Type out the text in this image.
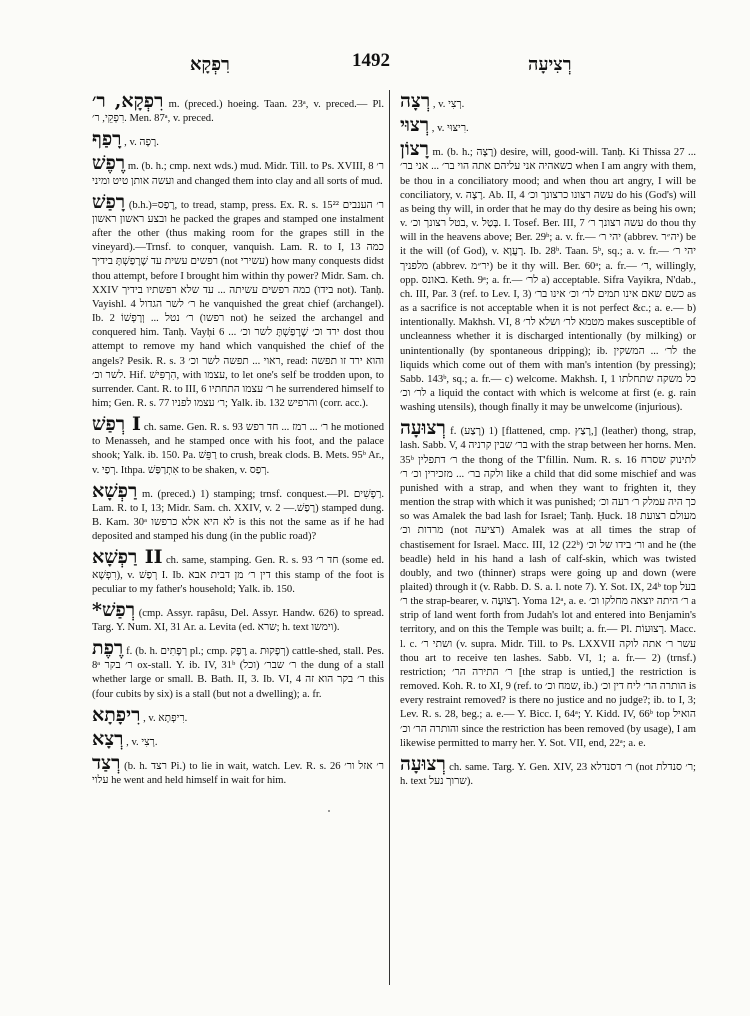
רִפְקָא	1492	רְצִיעָה

רִפְקָא, ר׳ m. (preced.) hoeing. Taan. 23ᵃ, v. preced.— Pl. רִפְקֵי, ר׳. Men. 87ᵃ, v. preced.

רָפַף , v. רָפָה.

רֶפֶשׁ m. (b. h.; cmp. next wds.) mud. Midr. Till. to Ps. XVIII, 8 ר׳ ועשה אותן טיט ומיני and changed them into clay and all sorts of mud.

רָפַשׁ (b.h.)=רָפַס, to tread, stamp, press. Ex. R. s. 15²² ר׳ הענבים ובצע ראשון ראשון he packed the grapes and stamped one instalment after the other (thus making room for the grapes still in the vineyard).—Trnsf. to conquer, vanquish. Lam. R. to I, 13 כמה רפשים עשית עד שֶׁרָפַשְׁתָּ בידיך (not עשירי) how many conquests didst thou attempt, before I brought him within thy power? Midr. Sam. ch. XXIV כמה רפשים עשיתה ... עד שלא רפשתיו בידיך (בידו not). Tanḥ. Vayishl. 4 ר׳ לשר הגדול he vanquished the great chief (archangel). Ib. 2 ר׳ נטל ... וְרָפְשׁוֹ (רפשו not) he seized the archangel and conquered him. Tanḥ. Vayḥi 6 ... ירד וכ׳ שֶׁרָפַשְׁתָּ לשר וכ׳ dost thou attempt to remove my hand which vanquished the chief of the angels? Pesik. R. s. 3 ראוי ... תפשה לשר וכ׳, read: והוא ירד זו תפשה לשר וכ׳. Hif. הִרְפִּישׁ, with עצמו, to let one's self be trodden upon, to surrender. Cant. R. to III, 6 ר׳ עצמו התחתיו he surrendered himself to him; Gen. R. s. 77 ר׳ עצמו לפניו; Yalk. ib. 132 והרפיש (corr. acc.).

רְפַשׁ I ch. same. Gen. R. s. 93 ר׳ ... רמז ... חד רפש he motioned to Menasseh, and he stamped once with his foot, and the palace shook; Yalk. ib. 150. Pa. רַפֵּשׁ to crush, break clods. B. Mets. 95ᵇ Ar., v. רְפַי. Ithpa. אִתְרַפַּשׁ to be shaken, v. רְפַס.

רַפְשָׁא m. (preced.) 1) stamping; trnsf. conquest.—Pl. רַפְשִׁים. Lam. R. to I, 13; Midr. Sam. ch. XXIV, v. רָפַשׁ.— 2) stamped dung. B. Kam. 30ᵃ לא היא אלא כרפשו is this not the same as if he had deposited and stamped his dung (in the public road)?

רַפְשָׁא II ch. same, stamping. Gen. R. s. 93 חד ר׳ (some ed. רִפְשָׁא), v. רְפַשׁ I. Ib. דין ר׳ מן דבית אבא this stamp of the foot is peculiar to my father's household; Yalk. ib. 150.

*רְפַשׁ (cmp. Assyr. rapâsu, Del. Assyr. Handw. 626) to spread. Targ. Y. Num. XI, 31 Ar. a. Levita (ed. שרא; h. text וימשו).

רֶפֶת f. (b. h. רְפָתִים pl.; cmp. רֶפֶק a. רְפָקוּת) cattle-shed, stall. Pes. 8ᵃ ר׳ בקר ox-stall. Y. ib. IV, 31ᵇ ר׳ שבר׳ (וכל) the dung of a stall whether large or small. B. Bath. II, 3. Ib. VI, 4 ר׳ בקר הוא זה this (four cubits by six) is a stall (but not a dwelling); a. fr.

רִיפָתָא , v. רִיפְתָא.

רְצָא , v. רְצִי.

רְצַד (b. h. רצד Pi.) to lie in wait, watch. Lev. R. s. 26 ר׳ אזל ור׳ עלוי he went and held himself in wait for him.

רְצָה , v. רְצִי.

רְצוּי , v. רִיצּוּי.

רָצוֹן m. (b. h.; רָצָה) desire, will, good-will. Tanḥ. Ki Thissa 27 ... כשאהיה אני עליהם אתה הוי בר׳ ... אני בר׳ when I am angry with them, be thou in a conciliatory mood; and when thou art angry, I will be conciliatory, v. רָצָה. Ab. II, 4 עשה רצונו כרצונך וכ׳ do his (God's) will as being thy will, in order that he may do thy desire as being his own; v. בטל רצונך וכ׳, v. בָּטַל. I. Tosef. Ber. III, 7 עשה רצונך ר׳ do thou thy will in the heavens above; Ber. 29ᵇ; a. v. fr.— יהי ר׳ (abbrev. יה״ר) be it the will (of God), v. רָעֲוָא. Ib. 28ᵇ. Taan. 5ᵇ, sq.; a. v. fr.— יהי ר׳ מלפניך (abbrev. יר״מ) be it thy will. Ber. 60ᵃ; a. fr.— ר׳, willingly, opp. באונס. Keth. 9ᵃ; a. fr.— לר׳ a) acceptable. Sifra Vayikra, N'dab., ch. III, Par. 3 (ref. to Lev. I, 3) כשם שאם אינו תמים לר׳ וכ׳ אינו בר׳ as as a sacrifice is not acceptable when it is not perfect &c.; a. e.— b) intentionally. Makhsh. VI, 8 מטמא לר׳ ושלא לר׳ makes susceptible of uncleanness whether it is discharged intentionally (by milking) or unintentionally (by spontaneous dripping); ib. לר׳ ... המשקין the liquids which come out of them with man's intention (by pressing); Sabb. 143ᵇ, sq.; a. fr.— c) welcome. Makhsh. I, 1 כל משקה שתחלתו לר׳ וכ׳ a liquid the contact with which is welcome at first (e. g. rain washing utensils), though finally it may be unwelcome (injurious).

רְצוּעָה f. (רָצַע) 1) [flattened, cmp. רָצַץ,] (leather) thong, strap, lash. Sabb. V, 4 בר׳ שבין קרניה with the strap between her horns. Men. 35ᵇ ר׳ דתפלין the thong of the T'fillin. Num. R. s. 16 לתינוק שסרח ולקה בר׳ ... מזכירין וכ׳ ר׳ like a child that did some mischief and was punished with a strap, and when they want to frighten it, they mention the strap with which it was punished; כך היה עמלק ר׳ רעה וכ׳ so was Amalek the bad lash for Israel; Tanḥ. Ḥuck. 18 מעולם רצועת מרדות וכ׳ (not רציעה) Amalek was at all times the strap of chastisement for Israel. Macc. III, 12 (22ᵇ) ור׳ בידו של וכ׳ and he (the beadle) held in his hand a lash of calf-skin, which was twisted doubly, and two (thinner) straps were going up and down (were plaited) through it (v. Rabb. D. S. a. l. note 7). Y. Sot. IX, 24ᵇ top בעל ר׳ the strap-bearer, v. רְצוּעָה. Yoma 12ᵃ, a. e. ר׳ היתה יוצאה מחלקו וכ׳ a strip of land went forth from Judah's lot and entered into Benjamin's territory, and on this the Temple was built; a. fr.— Pl. רְצוּעוֹת. Macc. l. c. ושתי ר׳ (v. supra. Midr. Till. to Ps. LXXVII עשר ר׳ אתה לוקה thou art to receive ten lashes. Sabb. VI, 1; a. fr.— 2) (trnsf.) restriction; ר׳ התירה הר׳ [the strap is untied,] the restriction is removed. Koh. R. to XI, 9 (ref. to שמח וכ׳, ib.) הותרה הר׳ ליח דין וכ׳ is every restraint removed? is there no justice and no judge?; ib. to I, 3; Lev. R. s. 28, beg.; a. e.— Y. Bicc. I, 64ᵃ; Y. Kidd. IV, 66ᵇ top הואיל והותרה הר׳ וכ׳ since the restriction has been removed (by usage), I am likewise permitted to marry her. Y. Sot. VII, end, 22ᵃ; a. e.

רְצוּעָה ch. same. Targ. Y. Gen. XIV, 23 ר׳ דסנדלא (not ר׳ סנדלת; h. text שרוך נעל).
